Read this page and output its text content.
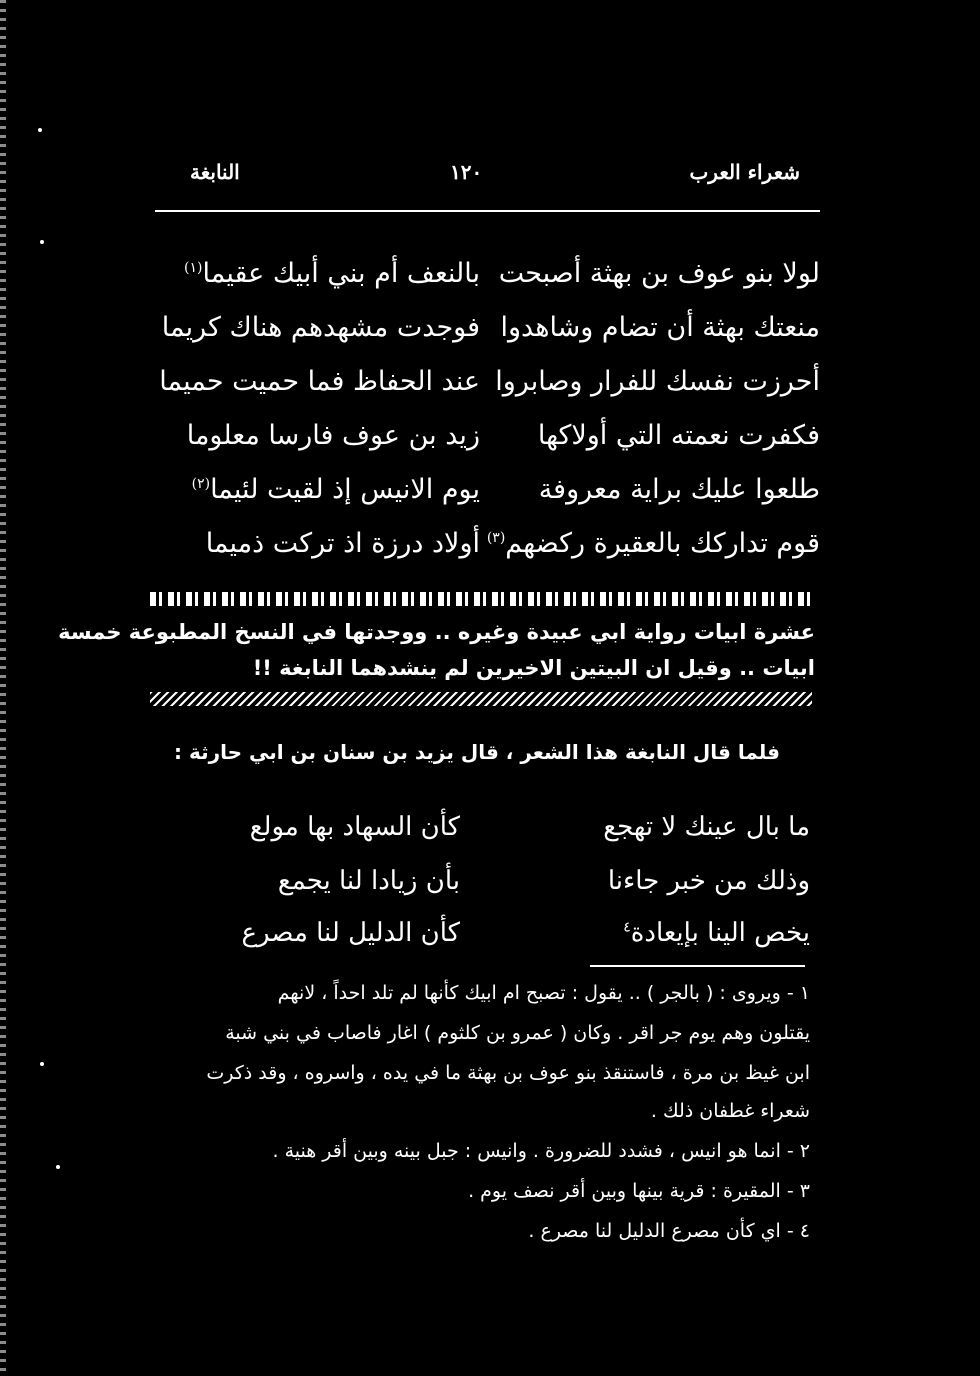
شعراء العرب
١٢٠
النابغة
لولا بنو عوف بن بهثة أصبحت
بالنعف أم بني أبيك عقيما$^{(١)}$
منعتك بهثة أن تضام وشاهدوا
فوجدت مشهدهم هناك كريما
أحرزت نفسك للفرار وصابروا
عند الحفاظ فما حميت حميما
فكفرت نعمته التي أولاكها
زيد بن عوف فارسا معلوما
طلعوا عليك براية معروفة
يوم الانيس إذ لقيت لئيما$^{(٢)}$
قوم تداركك بالعقيرة ركضهم$^{(٣)}$
أولاد درزة اذ تركت ذميما
عشرة ابيات رواية ابي عبيدة وغيره .. ووجدتها في النسخ المطبوعة خمسة
ابيات .. وقيل ان البيتين الاخيرين لم ينشدهما النابغة !!
فلما قال النابغة هذا الشعر ، قال يزيد بن سنان بن ابي حارثة :
ما بال عينك لا تهجع
كأن السهاد بها مولع
وذلك من خبر جاءنا
بأن زيادا لنا يجمع
يخص الينا بإيعادة$^٤$
كأن الدليل لنا مصرع
١ - ويروى : ( بالجر ) .. يقول : تصبح ام ابيك كأنها لم تلد احداً ، لانهم
يقتلون وهم يوم جر اقر . وكان ( عمرو بن كلثوم ) اغار فاصاب في بني شبة
ابن غيظ بن مرة ، فاستنقذ بنو عوف بن بهثة ما في يده ، واسروه ، وقد ذكرت
شعراء غطفان ذلك .
٢ - انما هو انيس ، فشدد للضرورة . وانيس : جبل بينه وبين أقر هنية .
٣ - المقيرة : قرية بينها وبين أقر نصف يوم .
٤ - اي كأن مصرع الدليل لنا مصرع .
